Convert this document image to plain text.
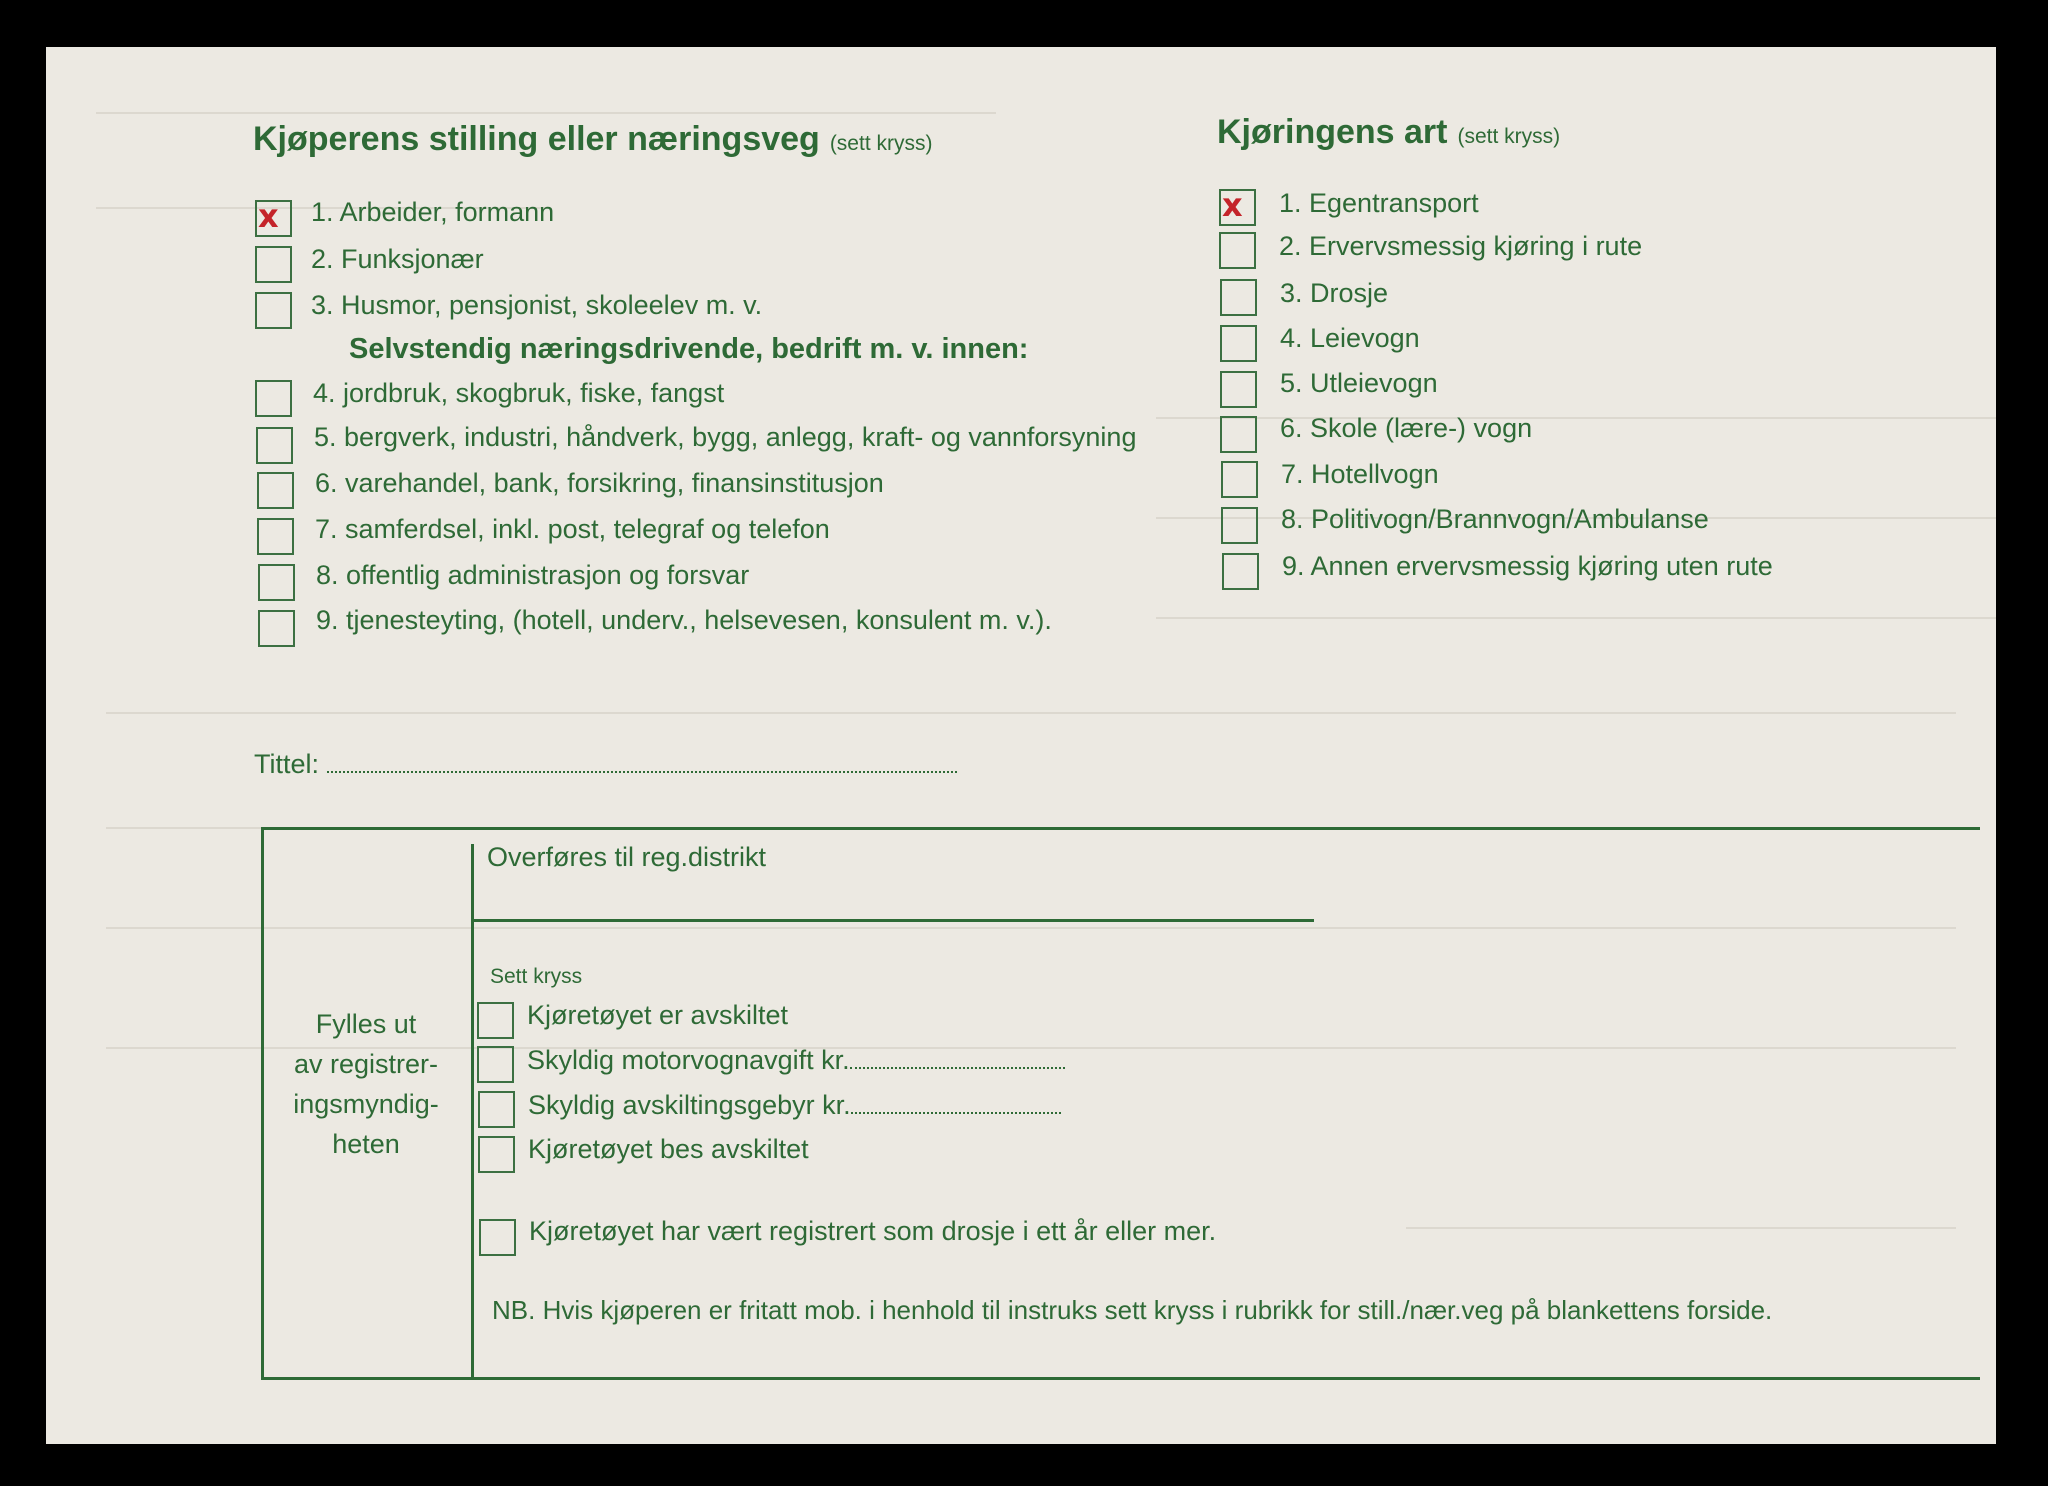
Kjøperens stilling eller næringsveg (sett kryss)
x 1. Arbeider, formann
2. Funksjonær
3. Husmor, pensjonist, skoleelev m. v.
Selvstendig næringsdrivende, bedrift m. v. innen:
4. jordbruk, skogbruk, fiske, fangst
5. bergverk, industri, håndverk, bygg, anlegg, kraft- og vannforsyning
6. varehandel, bank, forsikring, finansinstitusjon
7. samferdsel, inkl. post, telegraf og telefon
8. offentlig administrasjon og forsvar
9. tjenesteyting, (hotell, underv., helsevesen, konsulent m. v.).
Kjøringens art (sett kryss)
x 1. Egentransport
2. Ervervsmessig kjøring i rute
3. Drosje
4. Leievogn
5. Utleievogn
6. Skole (lære-) vogn
7. Hotellvogn
8. Politivogn/Brannvogn/Ambulanse
9. Annen ervervsmessig kjøring uten rute
Tittel:
Fylles ut
av registrer-
ingsmyndig-
heten
Overføres til reg.distrikt
Sett kryss
Kjøretøyet er avskiltet
Skyldig motorvognavgift kr.
Skyldig avskiltingsgebyr kr.
Kjøretøyet bes avskiltet
Kjøretøyet har vært registrert som drosje i ett år eller mer.
NB. Hvis kjøperen er fritatt mob. i henhold til instruks sett kryss i rubrikk for still./nær.veg på blankettens forside.
